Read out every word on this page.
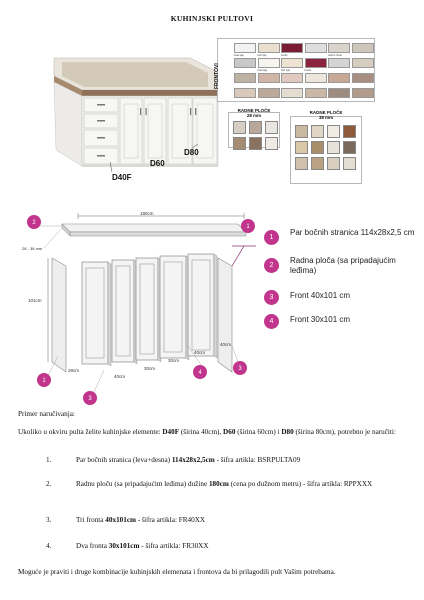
KUHINJSKI PULTOVI
D40F
D60
D80
bela sjaj	bež sjaj	bordo	srebro hrast
bela sjaj	bež sjaj	bordo
FRONTOVI
RADNE PLOČE
28 mm
RADNE PLOČE
38 mm
180cm
28 - 38 mm
101cm
28cm
40cm
30cm
30cm
40cm
40cm
2
1
1
3
4
3
1
Par bočnih stranica 114x28x2,5 cm
2
Radna ploča (sa pripadajućim leđima)
3	Front 40x101 cm
4	Front 30x101 cm
Primer naručivanja:
Ukoliko u okviru pulta želite kuhinjske elemente: D40F (širina 40cm), D60 (širina 60cm) i D80 (širina 80cm), potrebno je naručiti:
1.	Par bočnih stranica (leva+desna) 114x28x2,5cm - šifra artikla: BSRPULTA09
2.	Radnu ploču (sa pripadajućim leđima) dužine 180cm (cena po dužnom metru) - šifra artikla: RPPXXX
3.	Tri fronta 40x101cm - šifra artikla: FR40XX
4.	Dva fronta 30x101cm - šifra artikla: FR30XX
Moguće je praviti i druge kombinacije kuhinjskih elemenata i frontova da bi prilagodili pult Vašim potrebama.
